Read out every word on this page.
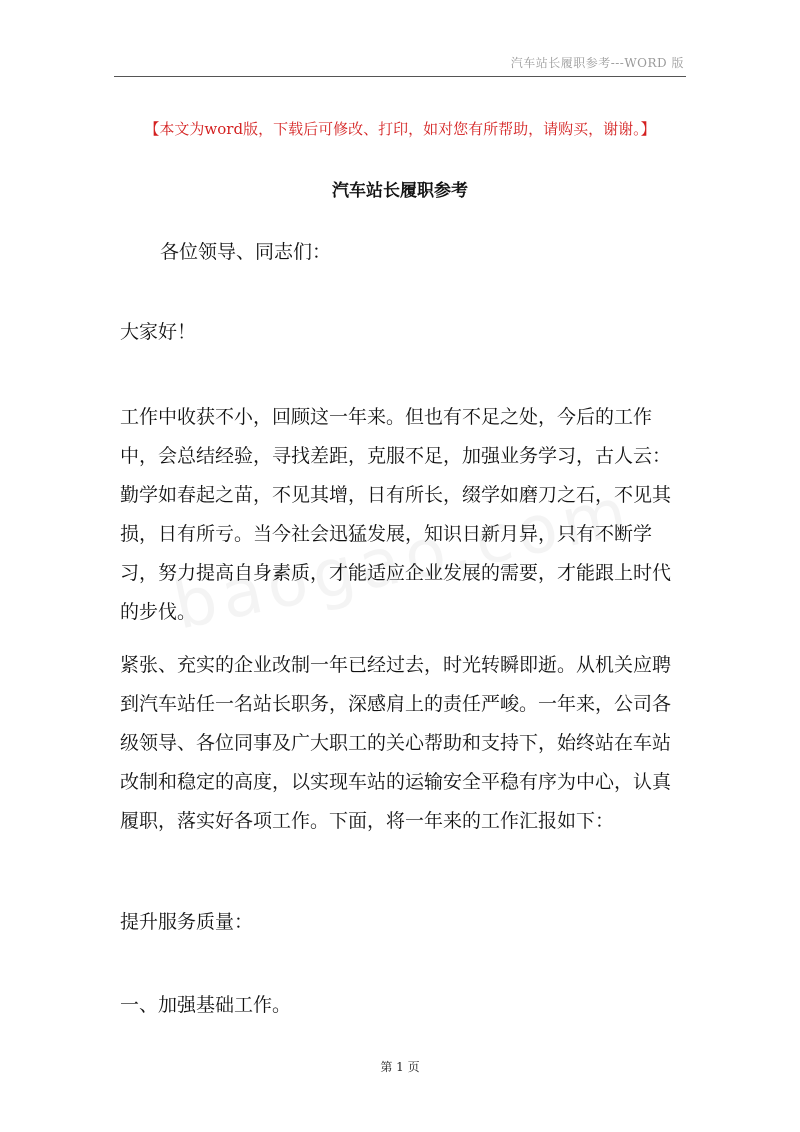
汽车站长履职参考---WORD 版
【本文为word版，下载后可修改、打印，如对您有所帮助，请购买，谢谢。】
汽车站长履职参考

各位领导、同志们：

大家好！

工作中收获不小，回顾这一年来。但也有不足之处，今后的工作中，会总结经验，寻找差距，克服不足，加强业务学习，古人云：勤学如春起之苗，不见其增，日有所长，缀学如磨刀之石，不见其损，日有所亏。当今社会迅猛发展，知识日新月异，只有不断学习，努力提高自身素质，才能适应企业发展的需要，才能跟上时代的步伐。

紧张、充实的企业改制一年已经过去，时光转瞬即逝。从机关应聘到汽车站任一名站长职务，深感肩上的责任严峻。一年来，公司各级领导、各位同事及广大职工的关心帮助和支持下，始终站在车站改制和稳定的高度，以实现车站的运输安全平稳有序为中心，认真履职，落实好各项工作。下面，将一年来的工作汇报如下：

提升服务质量：

一、加强基础工作。

第 1 页
